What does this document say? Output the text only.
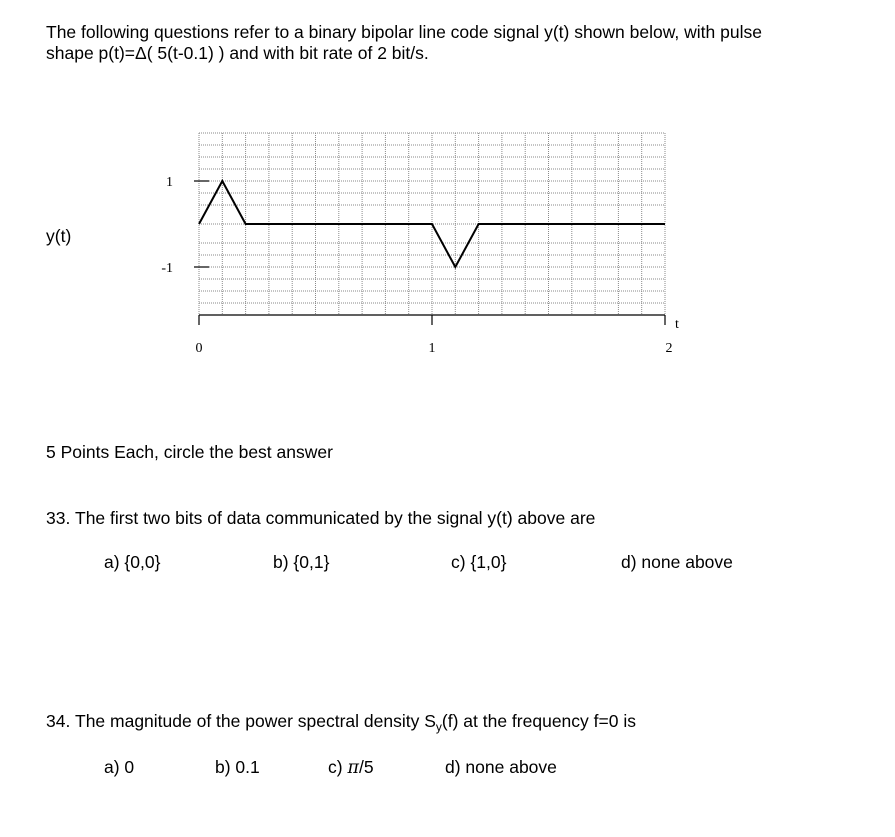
The following questions refer to a binary bipolar line code signal y(t) shown below, with pulse
shape p(t)=Δ( 5(t-0.1) ) and with bit rate of 2 bit/s.
y(t)
0	1	2
1
-1
t
5 Points Each, circle the best answer
33. The first two bits of data communicated by the signal y(t) above are
a) {0,0}	b) {0,1}	c) {1,0}	d) none above
34. The magnitude of the power spectral density $S_y(f)$ at the frequency f=0 is
a) 0	b) 0.1	c) π/5	d) none above
